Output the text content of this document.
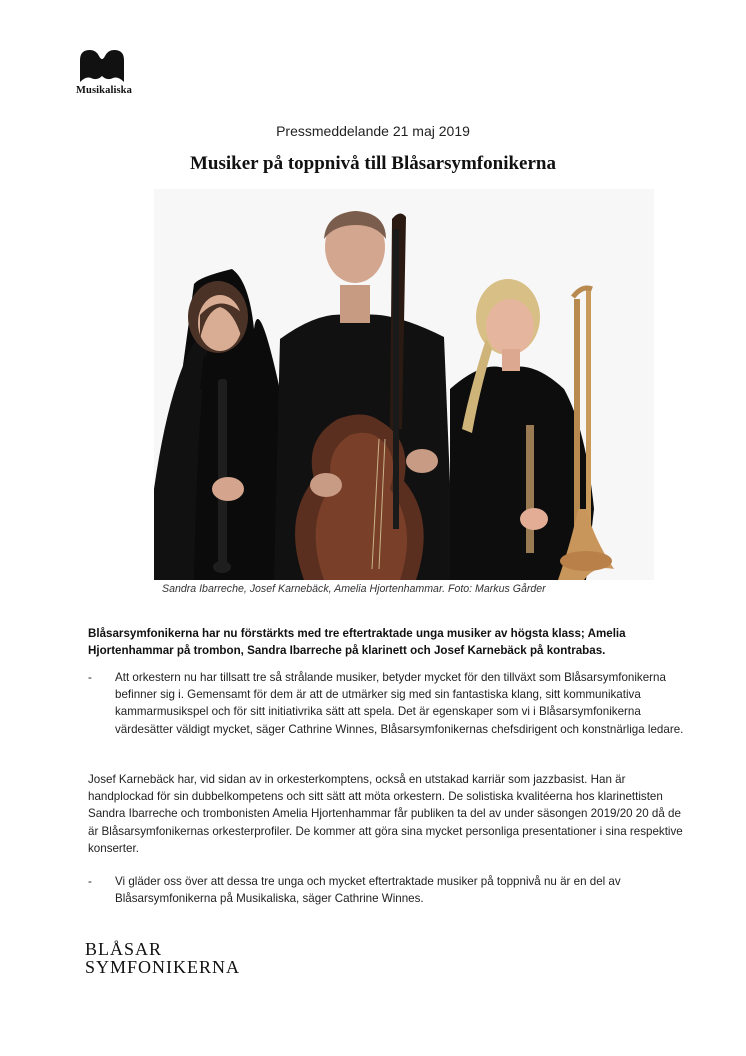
Musikaliska
Pressmeddelande 21 maj 2019
Musiker på toppnivå till Blåsarsymfonikerna
Sandra Ibarreche, Josef Karnebäck, Amelia Hjortenhammar. Foto: Markus Gårder

Blåsarsymfonikerna har nu förstärkts med tre eftertraktade unga musiker av högsta klass; Amelia Hjortenhammar på trombon, Sandra Ibarreche på klarinett och Josef Karnebäck på kontrabas.

- Att orkestern nu har tillsatt tre så strålande musiker, betyder mycket för den tillväxt som Blåsarsymfonikerna befinner sig i. Gemensamt för dem är att de utmärker sig med sin fantastiska klang, sitt kommunikativa kammarmusikspel och för sitt initiativrika sätt att spela. Det är egenskaper som vi i Blåsarsymfonikerna värdesätter väldigt mycket, säger Cathrine Winnes, Blåsarsymfonikernas chefsdirigent och konstnärliga ledare.

Josef Karnebäck har, vid sidan av in orkesterkomptens, också en utstakad karriär som jazzbasist. Han är handplockad för sin dubbelkompetens och sitt sätt att möta orkestern. De solistiska kvalitéerna hos klarinettisten Sandra Ibarreche och trombonisten Amelia Hjortenhammar får publiken ta del av under säsongen 2019/20 20 då de är Blåsarsymfonikernas orkesterprofiler. De kommer att göra sina mycket personliga presentationer i sina respektive konserter.

- Vi gläder oss över att dessa tre unga och mycket eftertraktade musiker på toppnivå nu är en del av Blåsarsymfonikerna på Musikaliska, säger Cathrine Winnes.
BLÅSAR
SYMFONIKERNA
